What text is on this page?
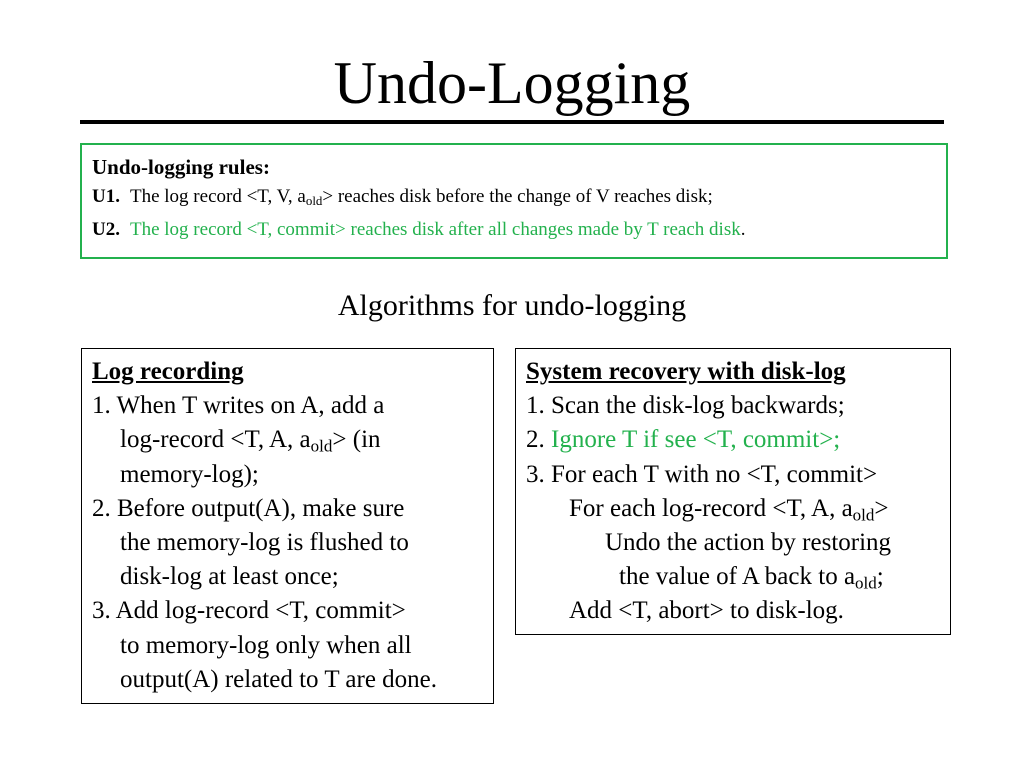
Undo-Logging
Undo-logging rules:
U1. The log record <T, V, $a_{old}>$ reaches disk before the change of V reaches disk;
U2. The log record <T, commit> reaches disk after all changes made by T reach disk.
Algorithms for undo-logging
Log recording
1. When T writes on A, add a
log-record <T, A, $a_{old}> (in$
memory-log);
2. Before output(A), make sure
the memory-log is flushed to
disk-log at least once;
3. Add log-record <T, commit>
to memory-log only when all
output(A) related to T are done.
System recovery with disk-log
1. Scan the disk-log backwards;
2. Ignore T if see <T, commit>;
3. For each T with no <T, commit>
For each log-record <T, A, $a_{old}>$
Undo the action by restoring
the value of A back to $a_{old}$;
Add <T, abort> to disk-log.
